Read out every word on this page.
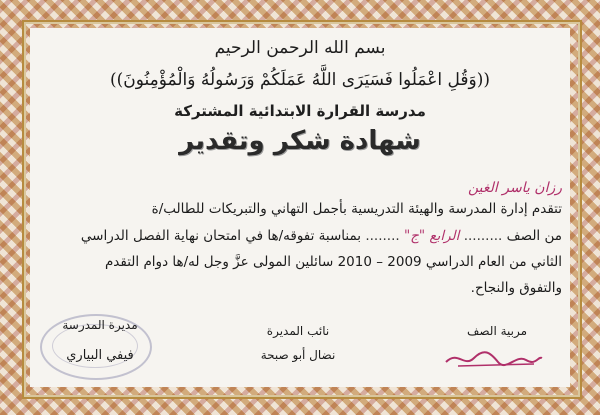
بسم الله الرحمن الرحيم
((وَقُلِ اعْمَلُوا فَسَيَرَى اللَّهُ عَمَلَكُمْ وَرَسُولُهُ وَالْمُؤْمِنُونَ))
مدرسة القرارة الابتدائية المشتركة
شهادة شكر وتقدير
رزان ياسر الغين
تتقدم إدارة المدرسة والهيئة التدريسية بأجمل التهاني والتبريكات للطالب/ة
من الصف ......... الرابع "ج" ........ بمناسبة تفوقه/ها في امتحان نهاية الفصل الدراسي
الثاني من العام الدراسي 2009 – 2010 سائلين المولى عزَّ وجل له/ها دوام التقدم
والتفوق والنجاح.
مربية الصف
نائب المديرة
نضال أبو صبحة
مديرة المدرسة
فيفي البياري
